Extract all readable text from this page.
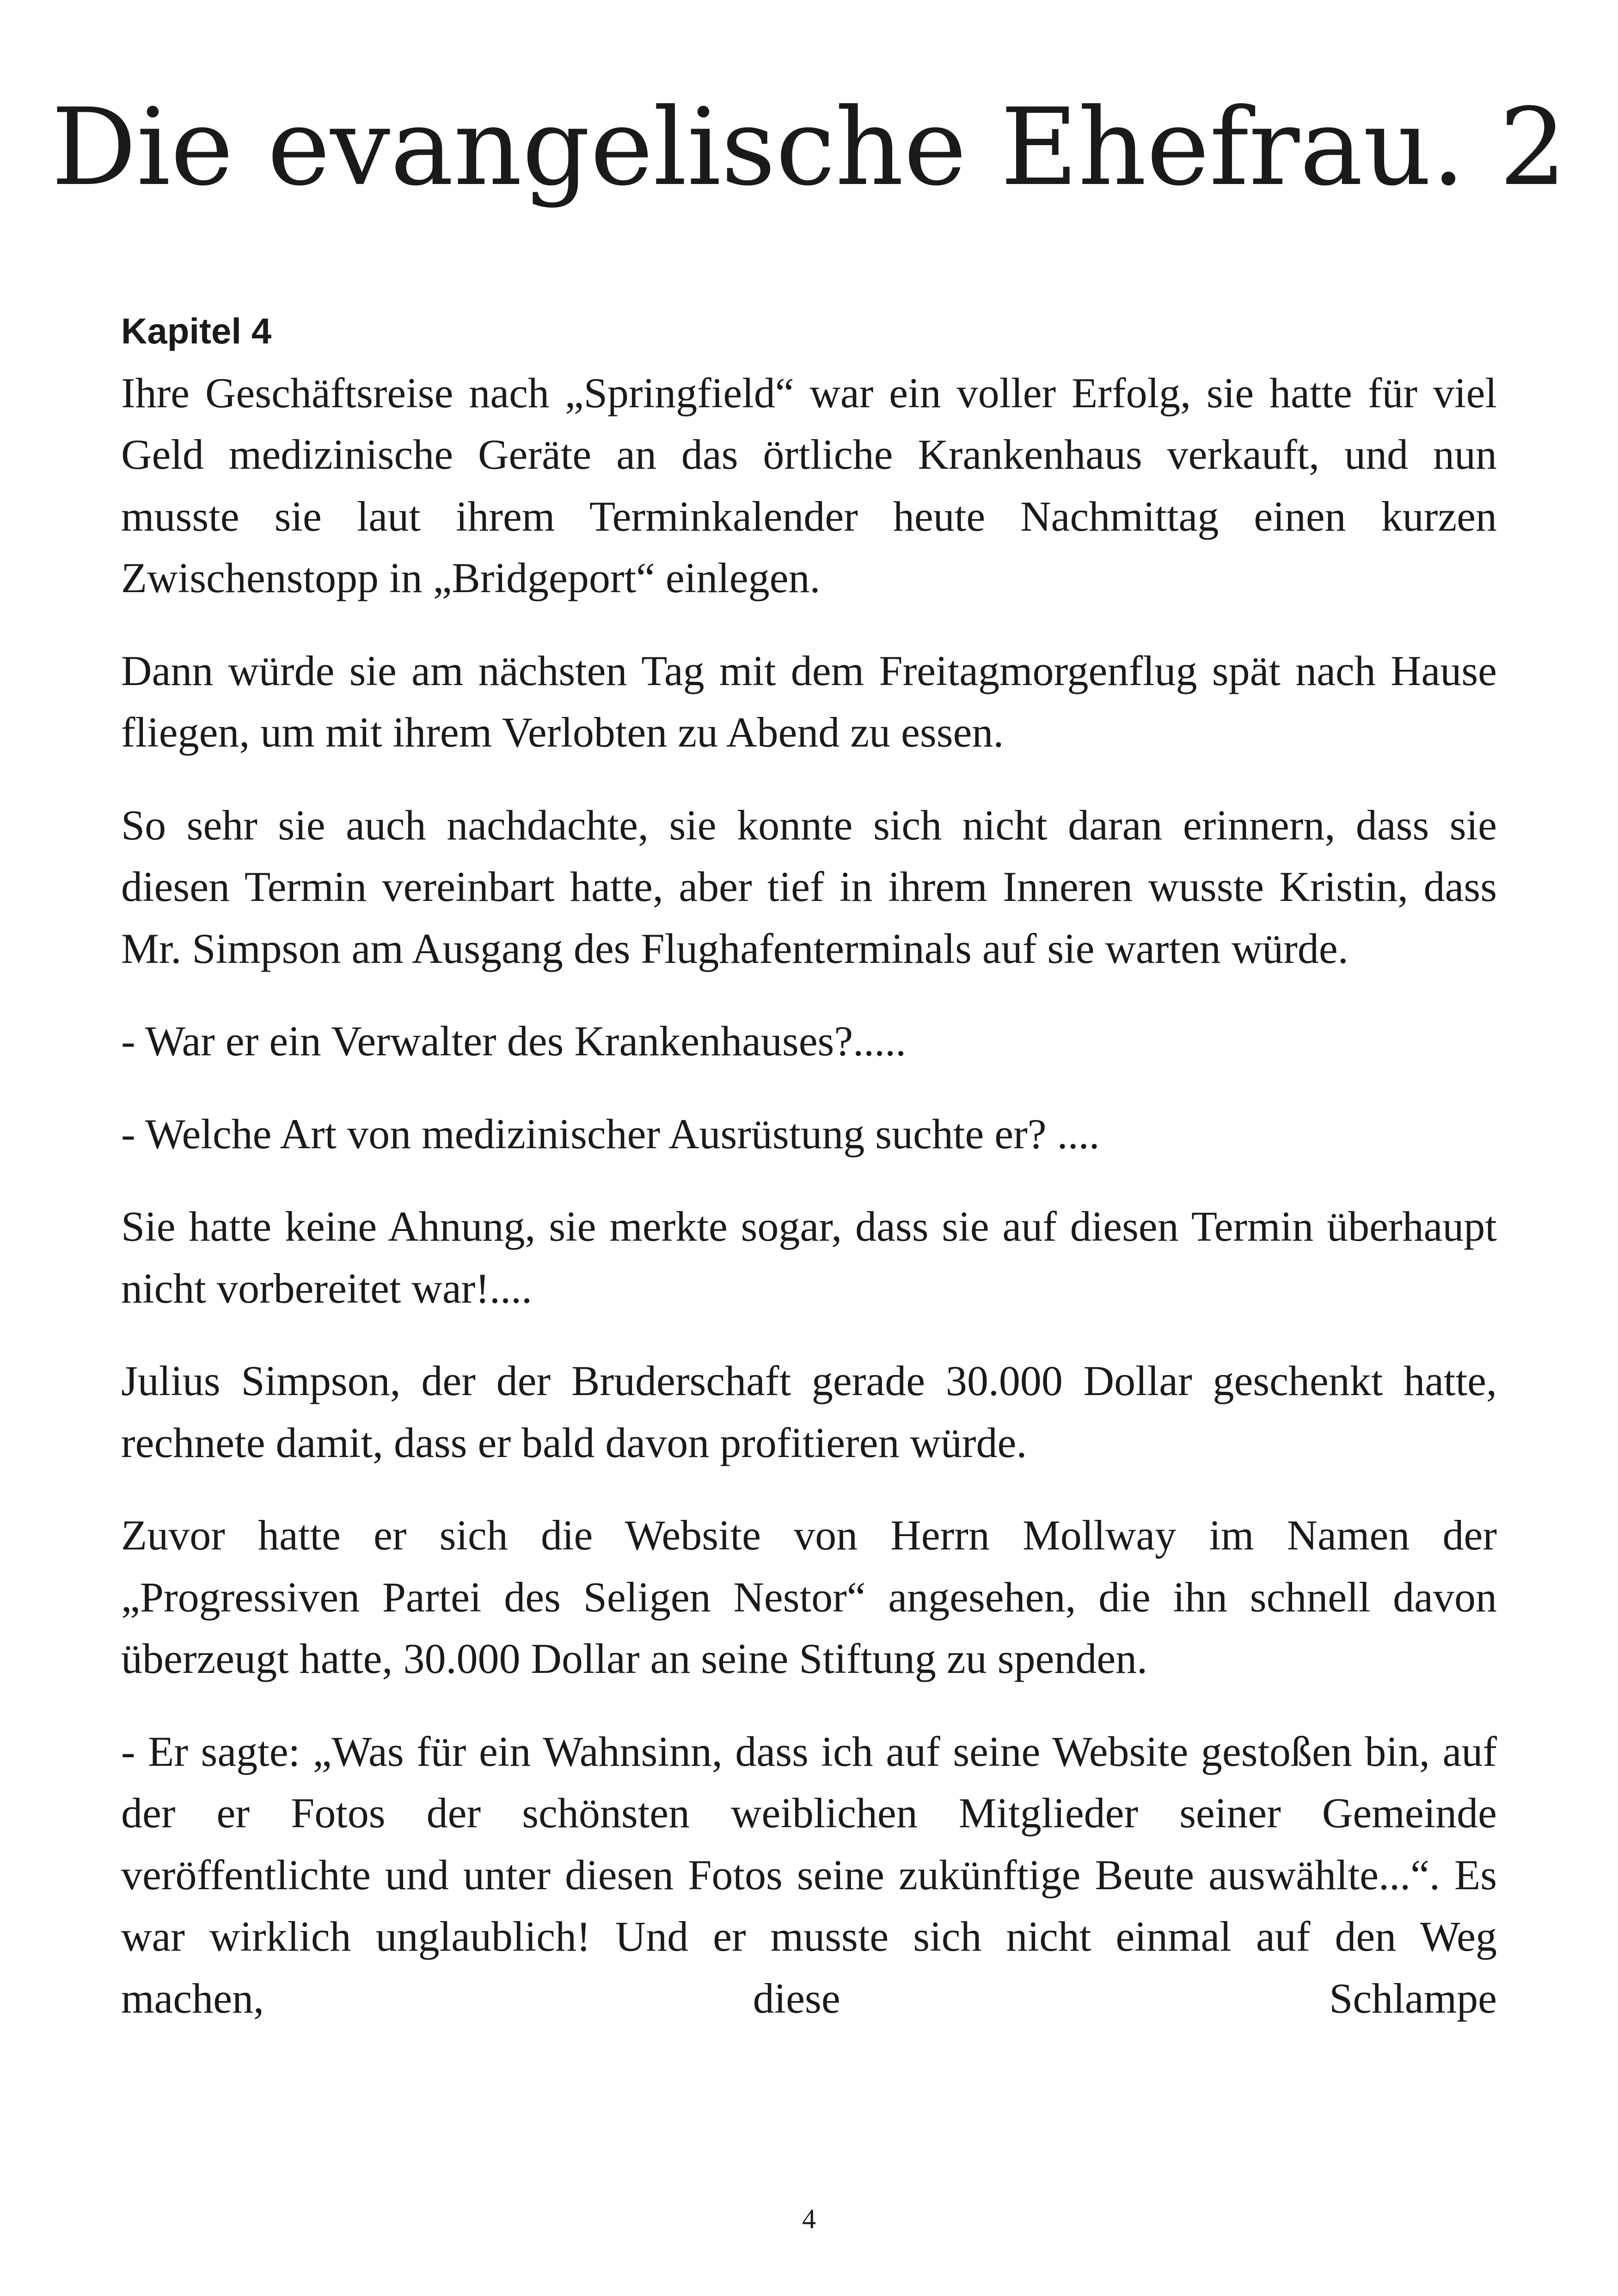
Die evangelische Ehefrau. 2
Kapitel 4

Ihre Geschäftsreise nach „Springfield“ war ein voller Erfolg, sie hatte für viel Geld medizinische Geräte an das örtliche Krankenhaus verkauft, und nun musste sie laut ihrem Terminkalender heute Nachmittag einen kurzen Zwischenstopp in „Bridgeport“ einlegen.

Dann würde sie am nächsten Tag mit dem Freitagmorgenflug spät nach Hause fliegen, um mit ihrem Verlobten zu Abend zu essen.

So sehr sie auch nachdachte, sie konnte sich nicht daran erinnern, dass sie diesen Termin vereinbart hatte, aber tief in ihrem Inneren wusste Kristin, dass Mr. Simpson am Ausgang des Flughafenterminals auf sie warten würde.

- War er ein Verwalter des Krankenhauses?.....

- Welche Art von medizinischer Ausrüstung suchte er? ....

Sie hatte keine Ahnung, sie merkte sogar, dass sie auf diesen Termin überhaupt nicht vorbereitet war!....

Julius Simpson, der der Bruderschaft gerade 30.000 Dollar geschenkt hatte, rechnete damit, dass er bald davon profitieren würde.

Zuvor hatte er sich die Website von Herrn Mollway im Namen der „Progressiven Partei des Seligen Nestor“ angesehen, die ihn schnell davon überzeugt hatte, 30.000 Dollar an seine Stiftung zu spenden.

- Er sagte: „Was für ein Wahnsinn, dass ich auf seine Website gestoßen bin, auf der er Fotos der schönsten weiblichen Mitglieder seiner Gemeinde veröffentlichte und unter diesen Fotos seine zukünftige Beute auswählte...“. Es war wirklich unglaublich! Und er musste sich nicht einmal auf den Weg machen, diese Schlampe

4
